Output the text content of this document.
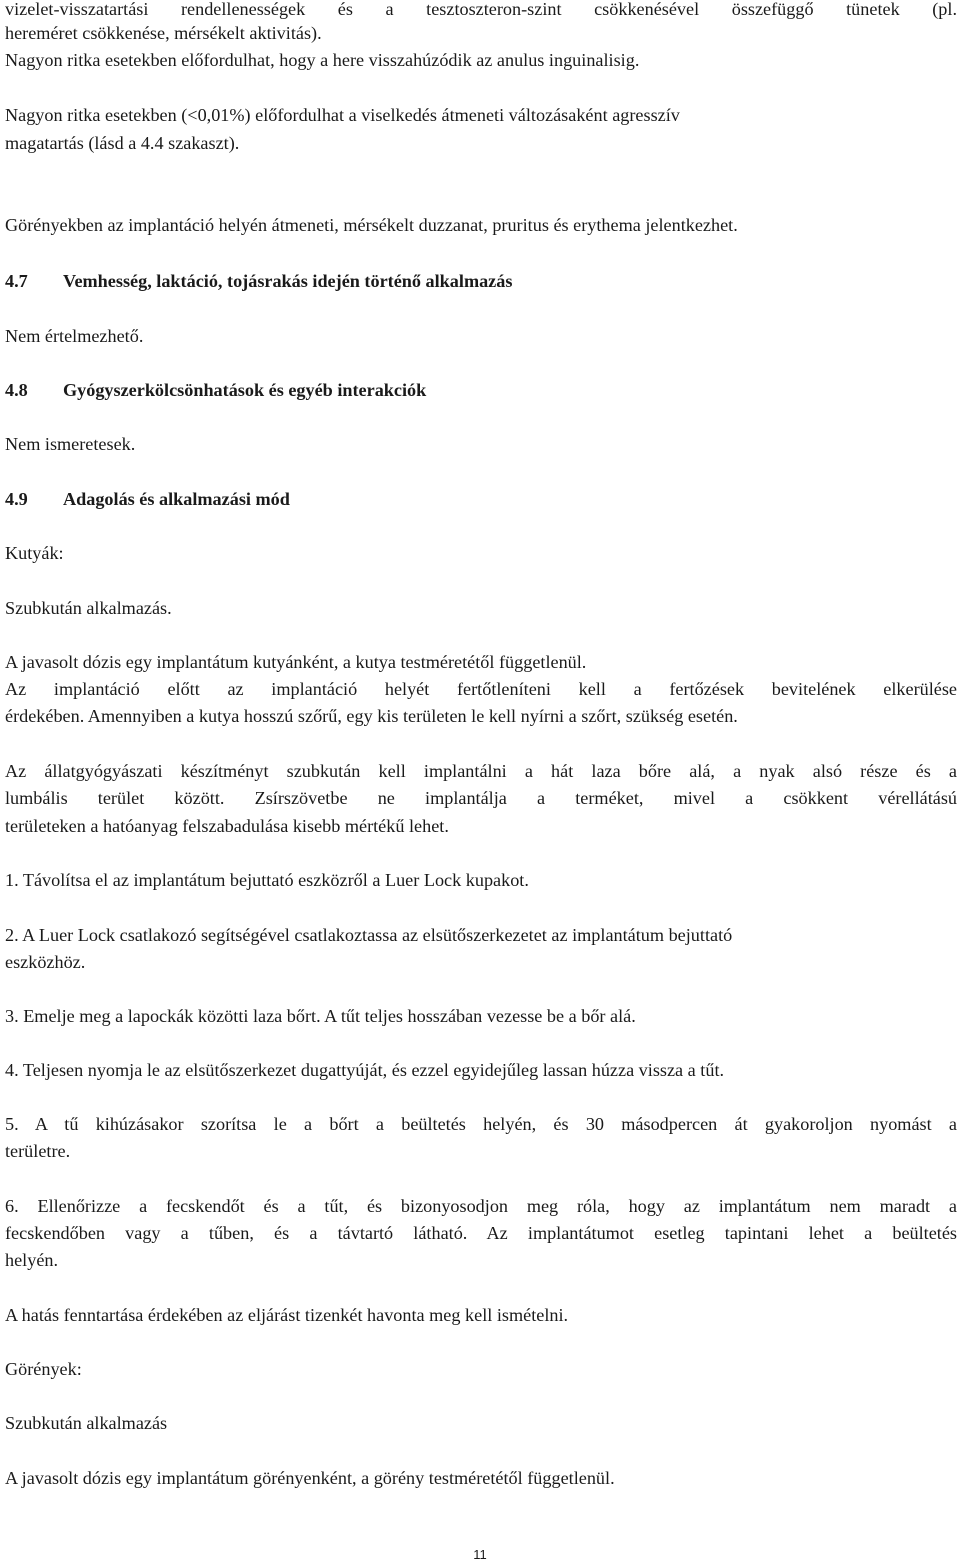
vizelet-visszatartási rendellenességek és a tesztoszteron-szint csökkenésével összefüggő tünetek (pl.

hereméret csökkenése, mérsékelt aktivitás).

Nagyon ritka esetekben előfordulhat, hogy a here visszahúzódik az anulus inguinalisig.

Nagyon ritka esetekben (<0,01%) előfordulhat a viselkedés átmeneti változásaként agresszív

magatartás (lásd a 4.4 szakaszt).

Görényekben az implantáció helyén átmeneti, mérsékelt duzzanat, pruritus és erythema jelentkezhet.

4.7 Vemhesség, laktáció, tojásrakás idején történő alkalmazás

Nem értelmezhető.

4.8 Gyógyszerkölcsönhatások és egyéb interakciók

Nem ismeretesek.

4.9 Adagolás és alkalmazási mód

Kutyák:

Szubkután alkalmazás.

A javasolt dózis egy implantátum kutyánként, a kutya testméretétől függetlenül.

Az implantáció előtt az implantáció helyét fertőtleníteni kell a fertőzések bevitelének elkerülése

érdekében. Amennyiben a kutya hosszú szőrű, egy kis területen le kell nyírni a szőrt, szükség esetén.

Az állatgyógyászati készítményt szubkután kell implantálni a hát laza bőre alá, a nyak alsó része és a

lumbális terület között. Zsírszövetbe ne implantálja a terméket, mivel a csökkent vérellátású

területeken a hatóanyag felszabadulása kisebb mértékű lehet.

1. Távolítsa el az implantátum bejuttató eszközről a Luer Lock kupakot.

2. A Luer Lock csatlakozó segítségével csatlakoztassa az elsütőszerkezetet az implantátum bejuttató

eszközhöz.

3. Emelje meg a lapockák közötti laza bőrt. A tűt teljes hosszában vezesse be a bőr alá.

4. Teljesen nyomja le az elsütőszerkezet dugattyúját, és ezzel egyidejűleg lassan húzza vissza a tűt.

5. A tű kihúzásakor szorítsa le a bőrt a beültetés helyén, és 30 másodpercen át gyakoroljon nyomást a

területre.

6. Ellenőrizze a fecskendőt és a tűt, és bizonyosodjon meg róla, hogy az implantátum nem maradt a

fecskendőben vagy a tűben, és a távtartó látható. Az implantátumot esetleg tapintani lehet a beültetés

helyén.

A hatás fenntartása érdekében az eljárást tizenkét havonta meg kell ismételni.

Görények:

Szubkután alkalmazás

A javasolt dózis egy implantátum görényenként, a görény testméretétől függetlenül.

11
